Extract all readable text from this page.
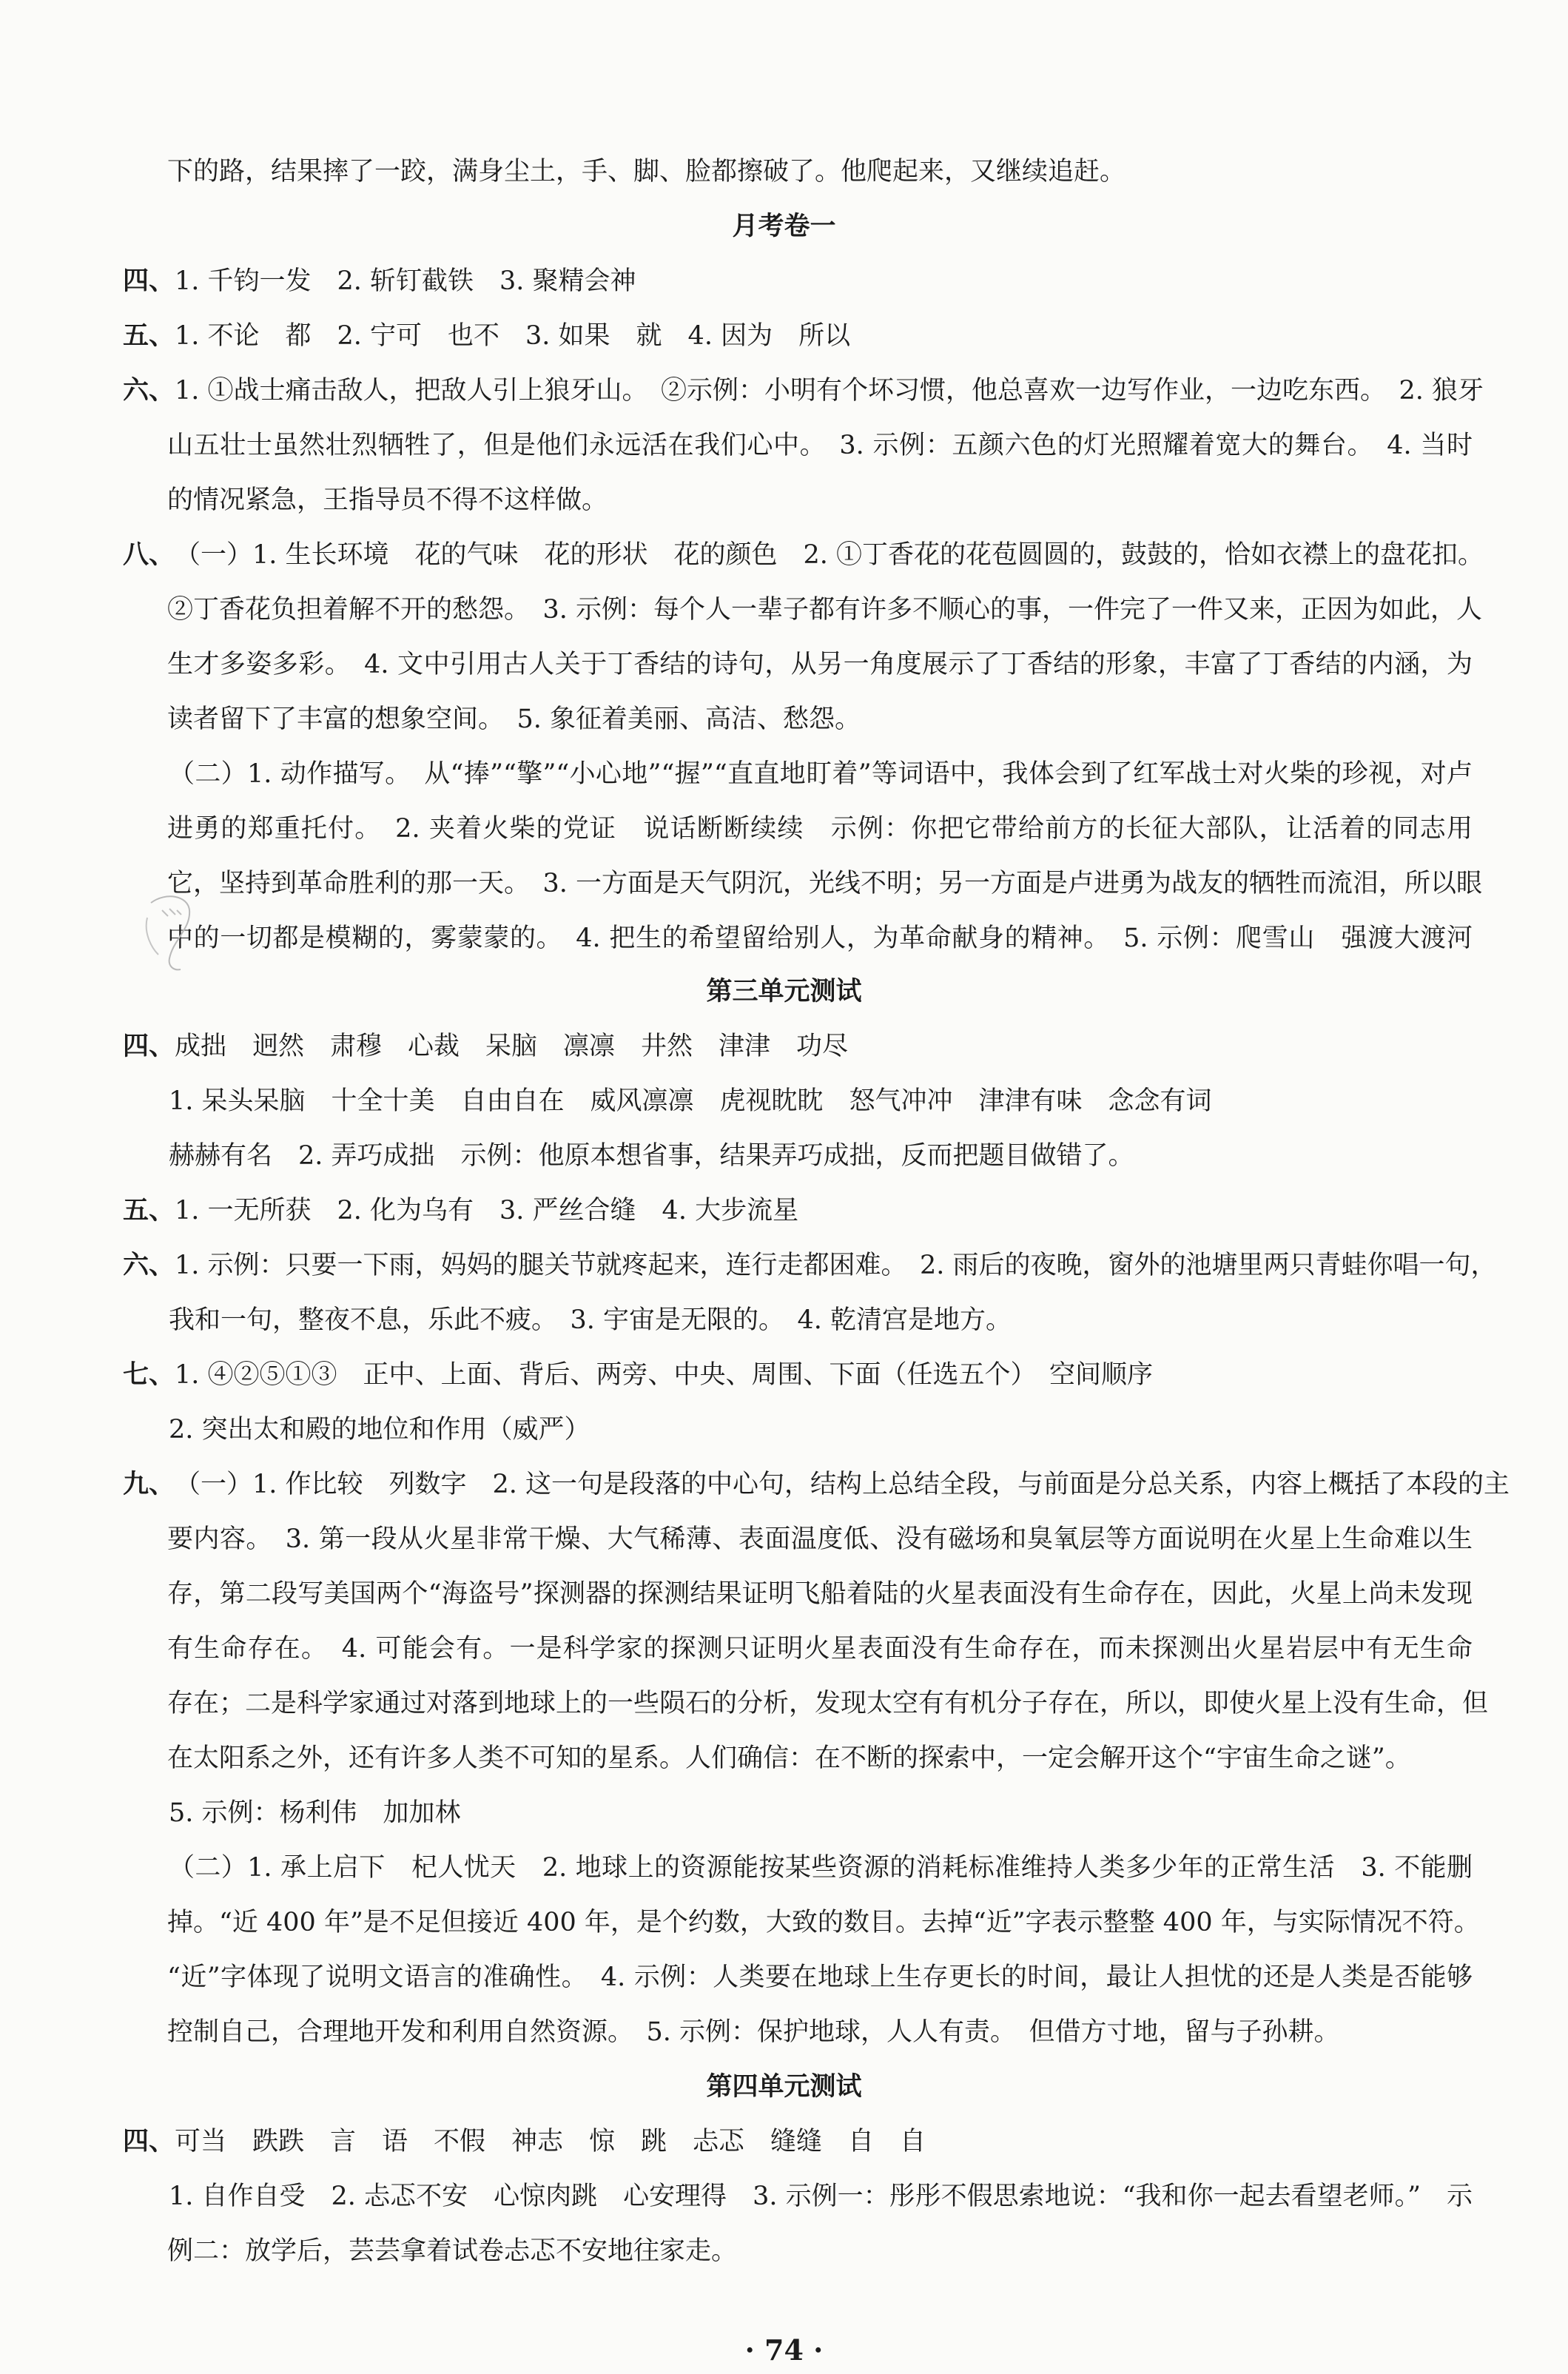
下的路，结果摔了一跤，满身尘土，手、脚、脸都擦破了。他爬起来，又继续追赶。

月考卷一

四、 1. 千钧一发　2. 斩钉截铁　3. 聚精会神

五、 1. 不论　都　2. 宁可　也不　3. 如果　就　4. 因为　所以

六、 1. ①战士痛击敌人，把敌人引上狼牙山。　②示例：小明有个坏习惯，他总喜欢一边写作业，一边吃东西。　2. 狼牙

山五壮士虽然壮烈牺牲了，但是他们永远活在我们心中。　3. 示例：五颜六色的灯光照耀着宽大的舞台。　4. 当时

的情况紧急，王指导员不得不这样做。

八、 （一）1. 生长环境　花的气味　花的形状　花的颜色　2. ①丁香花的花苞圆圆的，鼓鼓的，恰如衣襟上的盘花扣。

②丁香花负担着解不开的愁怨。　3. 示例：每个人一辈子都有许多不顺心的事，一件完了一件又来，正因为如此，人

生才多姿多彩。　4. 文中引用古人关于丁香结的诗句，从另一角度展示了丁香结的形象，丰富了丁香结的内涵，为

读者留下了丰富的想象空间。　5. 象征着美丽、高洁、愁怨。

（二）1. 动作描写。　从“捧”“擎”“小心地”“握”“直直地盯着”等词语中，我体会到了红军战士对火柴的珍视，对卢

进勇的郑重托付。　2. 夹着火柴的党证　说话断断续续　示例：你把它带给前方的长征大部队，让活着的同志用

它，坚持到革命胜利的那一天。　3. 一方面是天气阴沉，光线不明；另一方面是卢进勇为战友的牺牲而流泪，所以眼

中的一切都是模糊的，雾蒙蒙的。　4. 把生的希望留给别人，为革命献身的精神。　5. 示例：爬雪山　强渡大渡河

第三单元测试

四、 成拙　迥然　肃穆　心裁　呆脑　凛凛　井然　津津　功尽

1. 呆头呆脑　十全十美　自由自在　威风凛凛　虎视眈眈　怒气冲冲　津津有味　念念有词

赫赫有名　2. 弄巧成拙　示例：他原本想省事，结果弄巧成拙，反而把题目做错了。

五、 1. 一无所获　2. 化为乌有　3. 严丝合缝　4. 大步流星

六、 1. 示例：只要一下雨，妈妈的腿关节就疼起来，连行走都困难。　2. 雨后的夜晚，窗外的池塘里两只青蛙你唱一句，

我和一句，整夜不息，乐此不疲。　3. 宇宙是无限的。　4. 乾清宫是地方。

七、 1. ④②⑤①③　正中、上面、背后、两旁、中央、周围、下面（任选五个）　空间顺序

2. 突出太和殿的地位和作用（威严）

九、 （一）1. 作比较　列数字　2. 这一句是段落的中心句，结构上总结全段，与前面是分总关系，内容上概括了本段的主

要内容。　3. 第一段从火星非常干燥、大气稀薄、表面温度低、没有磁场和臭氧层等方面说明在火星上生命难以生

存，第二段写美国两个“海盗号”探测器的探测结果证明飞船着陆的火星表面没有生命存在，因此，火星上尚未发现

有生命存在。　4. 可能会有。一是科学家的探测只证明火星表面没有生命存在，而未探测出火星岩层中有无生命

存在；二是科学家通过对落到地球上的一些陨石的分析，发现太空有有机分子存在，所以，即使火星上没有生命，但

在太阳系之外，还有许多人类不可知的星系。人们确信：在不断的探索中，一定会解开这个“宇宙生命之谜”。

5. 示例：杨利伟　加加林

（二）1. 承上启下　杞人忧天　2. 地球上的资源能按某些资源的消耗标准维持人类多少年的正常生活　3. 不能删

掉。“近 400 年”是不足但接近 400 年，是个约数，大致的数目。去掉“近”字表示整整 400 年，与实际情况不符。

“近”字体现了说明文语言的准确性。　4. 示例：人类要在地球上生存更长的时间，最让人担忧的还是人类是否能够

控制自己，合理地开发和利用自然资源。　5. 示例：保护地球，人人有责。　但借方寸地，留与子孙耕。

第四单元测试

四、 可当　跌跌　言　语　不假　神志　惊　跳　忐忑　缝缝　自　自

1. 自作自受　2. 忐忑不安　心惊肉跳　心安理得　3. 示例一：彤彤不假思索地说：“我和你一起去看望老师。”　示

例二：放学后，芸芸拿着试卷忐忑不安地往家走。

· 74 ·
